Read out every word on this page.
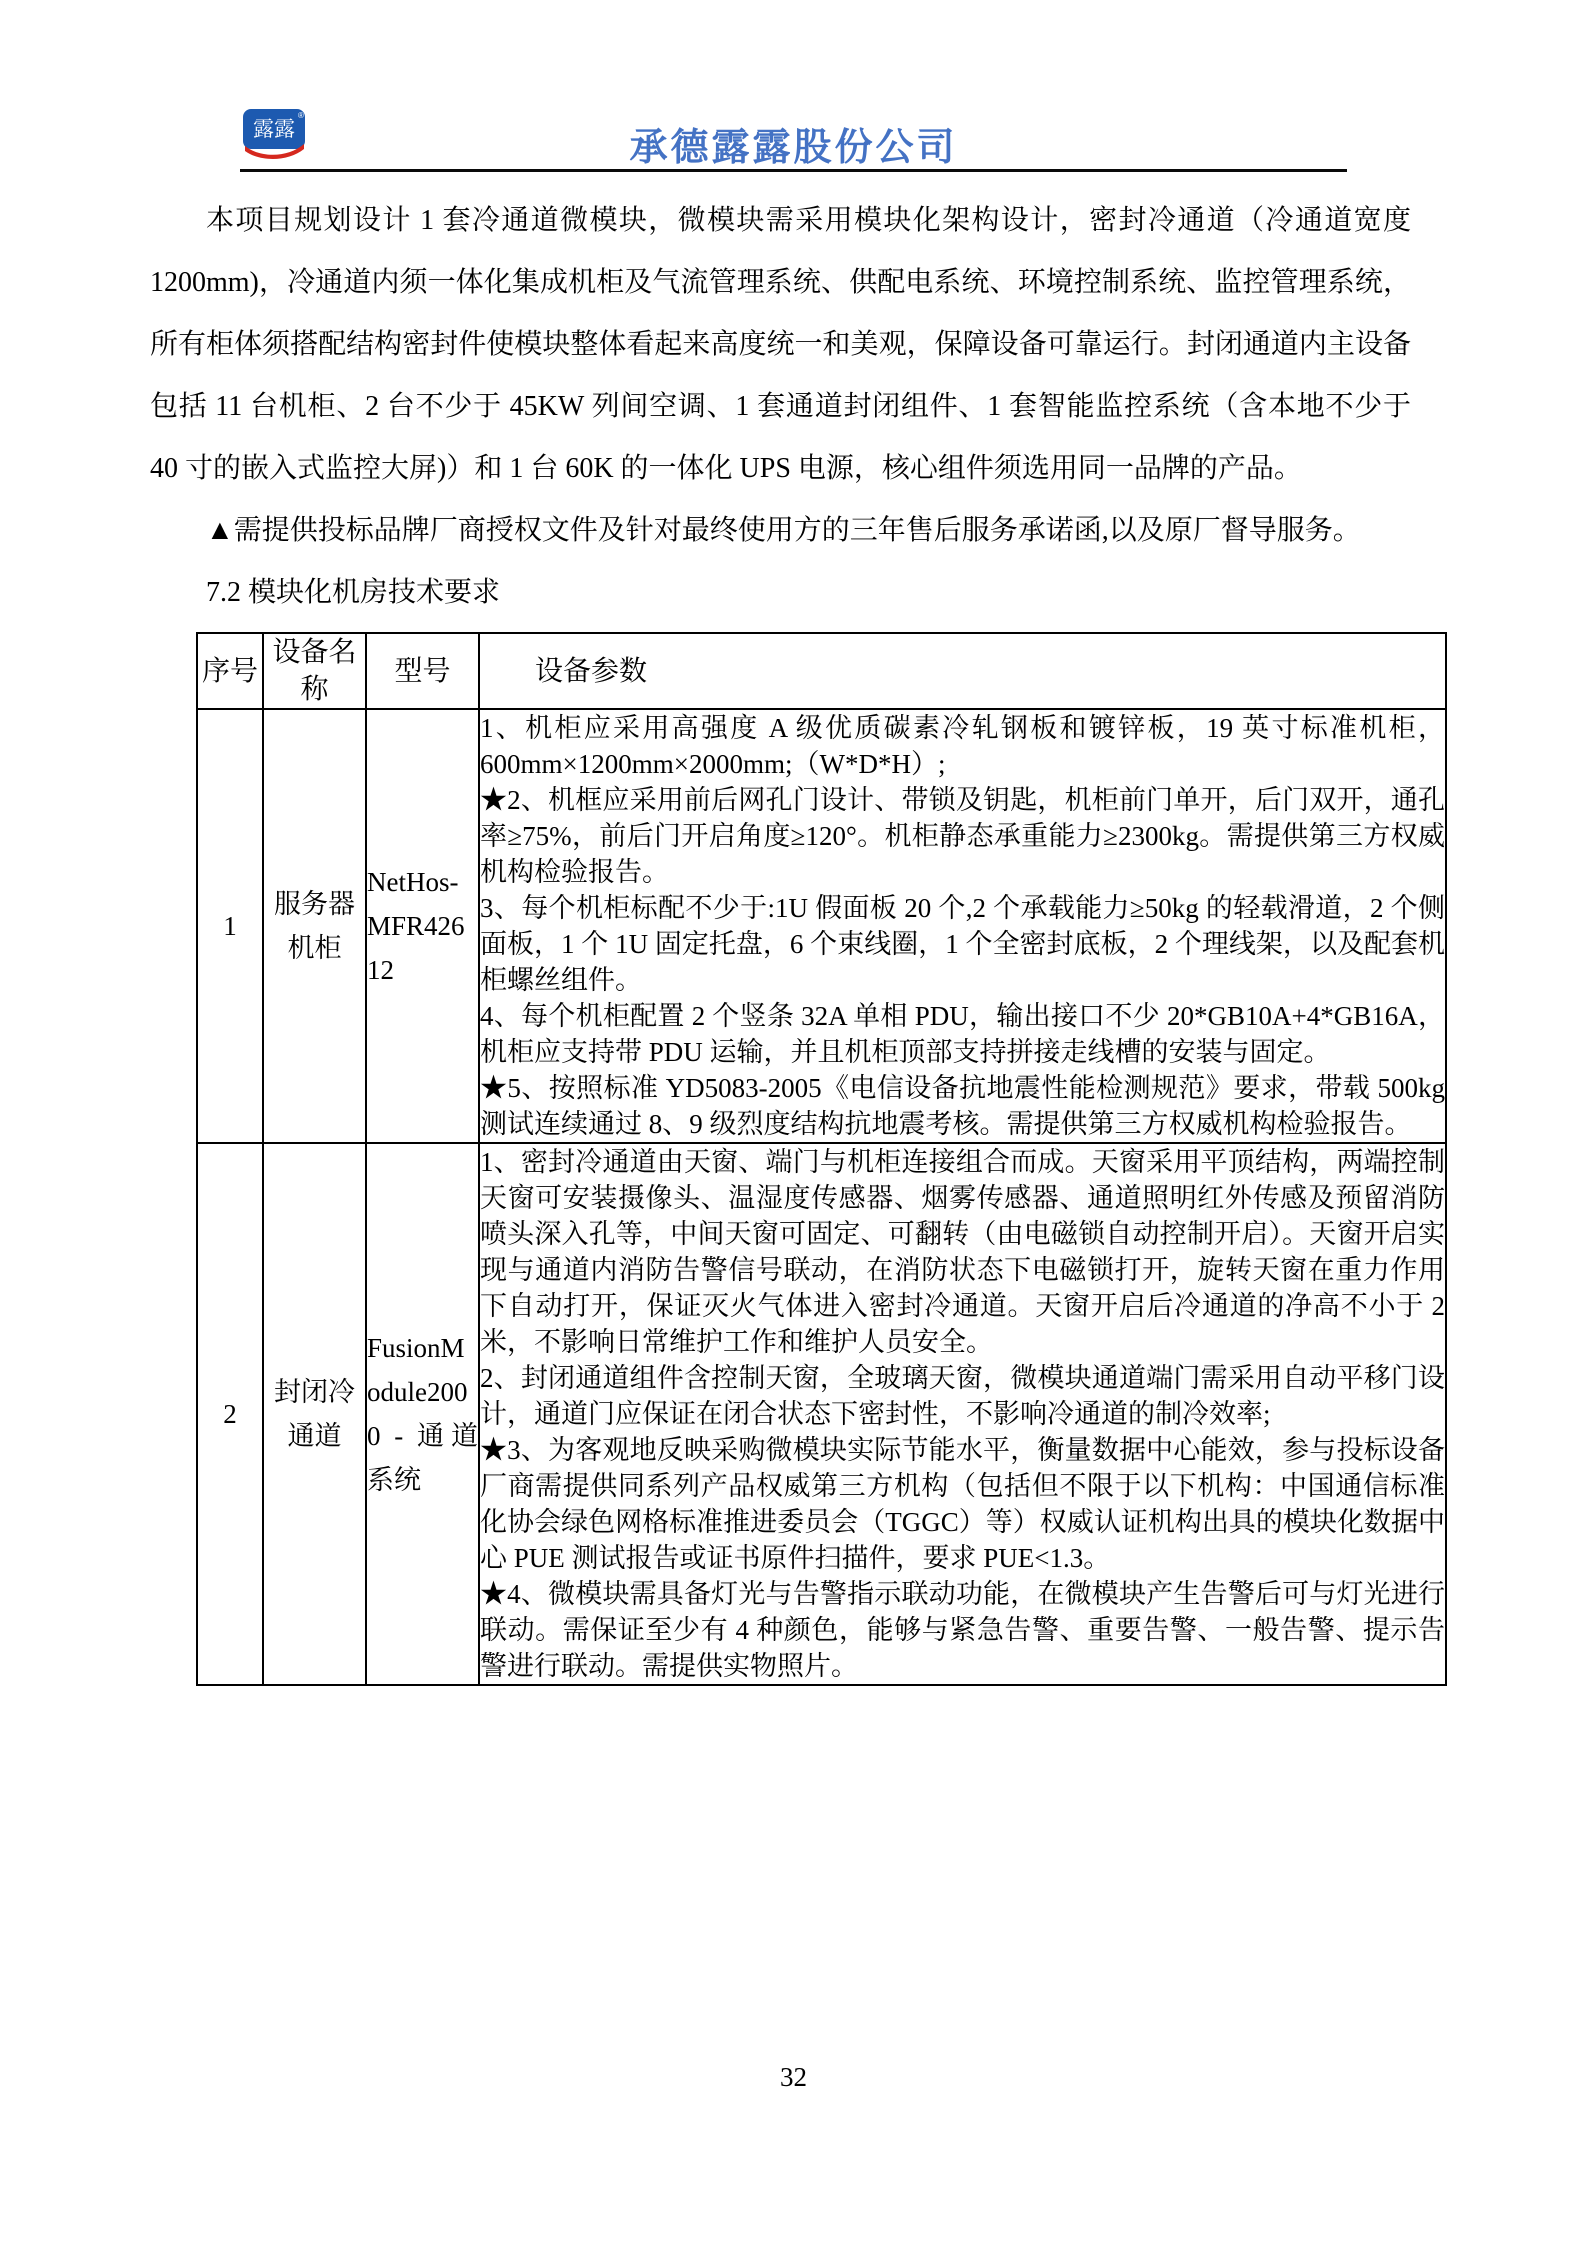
露露
®
承德露露股份公司

本项目规划设计 1 套冷通道微模块，微模块需采用模块化架构设计，密封冷通道（冷通道宽度 1200mm)，冷通道内须一体化集成机柜及气流管理系统、供配电系统、环境控制系统、监控管理系统，所有柜体须搭配结构密封件使模块整体看起来高度统一和美观，保障设备可靠运行。封闭通道内主设备包括 11 台机柜、2 台不少于 45KW 列间空调、1 套通道封闭组件、1 套智能监控系统（含本地不少于 40 寸的嵌入式监控大屏)）和 1 台 60K 的一体化 UPS 电源，核心组件须选用同一品牌的产品。

▲需提供投标品牌厂商授权文件及针对最终使用方的三年售后服务承诺函,以及原厂督导服务。

7.2 模块化机房技术要求

序号	设备名称	型号	设备参数
1	服务器机柜	NetHos-MFR42612	1、机柜应采用高强度 A 级优质碳素冷轧钢板和镀锌板，19 英寸标准机柜，600mm×1200mm×2000mm;（W*D*H）;

★2、机框应采用前后网孔门设计、带锁及钥匙，机柜前门单开，后门双开，通孔率≥75%，前后门开启角度≥120°。机柜静态承重能力≥2300kg。需提供第三方权威机构检验报告。

3、每个机柜标配不少于:1U 假面板 20 个,2 个承载能力≥50kg 的轻载滑道，2 个侧面板，1 个 1U 固定托盘，6 个束线圈，1 个全密封底板，2 个理线架，以及配套机柜螺丝组件。

4、每个机柜配置 2 个竖条 32A 单相 PDU，输出接口不少 20*GB10A+4*GB16A，机柜应支持带 PDU 运输，并且机柜顶部支持拼接走线槽的安装与固定。

★5、按照标准 YD5083-2005《电信设备抗地震性能检测规范》要求，带载 500kg 测试连续通过 8、9 级烈度结构抗地震考核。需提供第三方权威机构检验报告。

2	封闭冷通道	FusionModule2000 - 通道系统	1、密封冷通道由天窗、端门与机柜连接组合而成。天窗采用平顶结构，两端控制天窗可安装摄像头、温湿度传感器、烟雾传感器、通道照明红外传感及预留消防喷头深入孔等，中间天窗可固定、可翻转（由电磁锁自动控制开启）。天窗开启实现与通道内消防告警信号联动，在消防状态下电磁锁打开，旋转天窗在重力作用下自动打开，保证灭火气体进入密封冷通道。天窗开启后冷通道的净高不小于 2 米，不影响日常维护工作和维护人员安全。

2、封闭通道组件含控制天窗，全玻璃天窗，微模块通道端门需采用自动平移门设计，通道门应保证在闭合状态下密封性，不影响冷通道的制冷效率;

★3、为客观地反映采购微模块实际节能水平，衡量数据中心能效，参与投标设备厂商需提供同系列产品权威第三方机构（包括但不限于以下机构：中国通信标准化协会绿色网格标准推进委员会（TGGC）等）权威认证机构出具的模块化数据中心 PUE 测试报告或证书原件扫描件，要求 PUE<1.3。

★4、微模块需具备灯光与告警指示联动功能，在微模块产生告警后可与灯光进行联动。需保证至少有 4 种颜色，能够与紧急告警、重要告警、一般告警、提示告警进行联动。需提供实物照片。

32
